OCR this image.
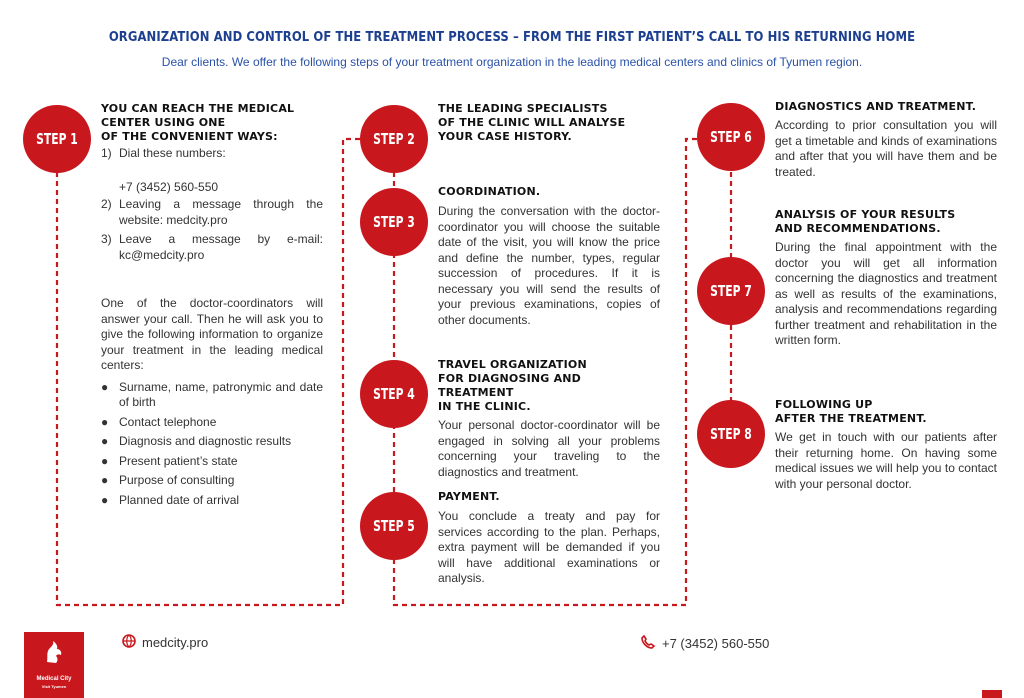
ORGANIZATION AND CONTROL OF THE TREATMENT PROCESS – FROM THE FIRST PATIENT’S CALL TO HIS RETURNING HOME
Dear clients. We offer the following steps of your treatment organization in the leading medical centers and clinics of Tyumen region.
STEP 1	STEP 2
STEP 3
STEP 4
STEP 5
STEP 6
STEP 7
STEP 8
YOU CAN REACH THE MEDICAL
CENTER USING ONE
OF THE CONVENIENT WAYS:
1) Dial these numbers:
+7 (3452) 560-550
2) Leaving a message through the website: medcity.pro
3) Leave a message by e-mail: kc@medcity.pro

One of the doctor-coordinators will answer your call. Then he will ask you to give the following information to organize your treatment in the leading medical centers:

● Surname, name, patronymic and date of birth
● Contact telephone
● Diagnosis and diagnostic results
● Present patient’s state
● Purpose of consulting
● Planned date of arrival
THE LEADING SPECIALISTS
OF THE CLINIC WILL ANALYSE
YOUR CASE HISTORY.
COORDINATION.

During the conversation with the doctor-coordinator you will choose the suitable date of the visit, you will know the price and define the number, types, regular succession of procedures. If it is necessary you will send the results of your previous examinations, copies of other documents.

TRAVEL ORGANIZATION
FOR DIAGNOSING AND TREATMENT
IN THE CLINIC.

Your personal doctor-coordinator will be engaged in solving all your problems concerning your traveling to the diagnostics and treatment.

PAYMENT.

You conclude a treaty and pay for services according to the plan. Perhaps, extra payment will be demanded if you will have additional examinations or analysis.

DIAGNOSTICS AND TREATMENT.

According to prior consultation you will get a timetable and kinds of examinations and after that you will have them and be treated.

ANALYSIS OF YOUR RESULTS
AND RECOMMENDATIONS.

During the final appointment with the doctor you will get all information concerning the diagnostics and treatment as well as results of the examinations, analysis and recommendations regarding further treatment and rehabilitation in the written form.

FOLLOWING UP
AFTER THE TREATMENT.

We get in touch with our patients after their returning home. On having some medical issues we will help you to contact with your personal doctor.

Medical City
Visit Tyumen
medcity.pro	+7 (3452) 560-550
